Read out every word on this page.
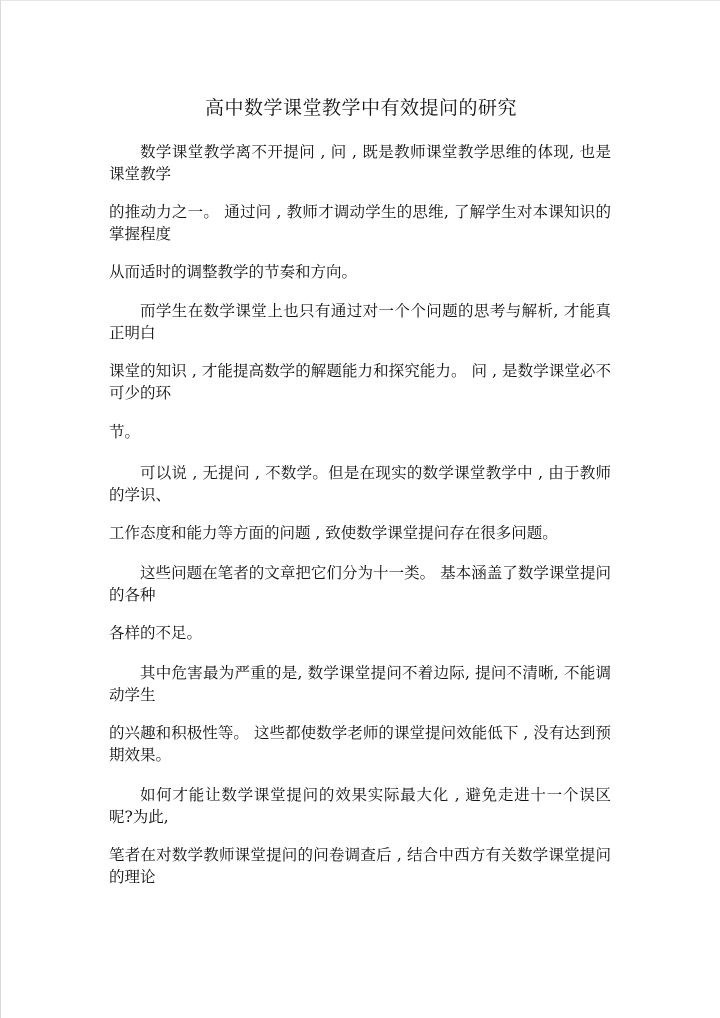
高中数学课堂教学中有效提问的研究

数学课堂教学离不开提问 , 问 , 既是教师课堂教学思维的体现, 也是课堂教学

的推动力之一。 通过问 , 教师才调动学生的思维, 了解学生对本课知识的掌握程度

从而适时的调整教学的节奏和方向。

而学生在数学课堂上也只有通过对一个个问题的思考与解析, 才能真正明白

课堂的知识 , 才能提高数学的解题能力和探究能力。 问 , 是数学课堂必不可少的环

节。

可以说 , 无提问 , 不数学。但是在现实的数学课堂教学中 , 由于教师的学识、

工作态度和能力等方面的问题 , 致使数学课堂提问存在很多问题。

这些问题在笔者的文章把它们分为十一类。 基本涵盖了数学课堂提问的各种

各样的不足。

其中危害最为严重的是, 数学课堂提问不着边际, 提问不清晰, 不能调动学生

的兴趣和积极性等。 这些都使数学老师的课堂提问效能低下 , 没有达到预期效果。

如何才能让数学课堂提问的效果实际最大化 , 避免走进十一个误区呢?为此,

笔者在对数学教师课堂提问的问卷调查后 , 结合中西方有关数学课堂提问的理论
